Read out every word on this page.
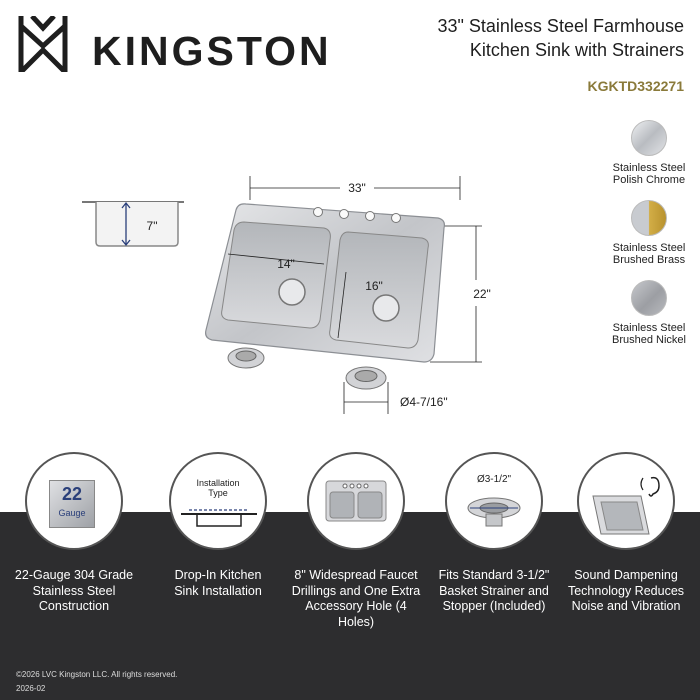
KINGSTON
33" Stainless Steel Farmhouse
Kitchen Sink with Strainers
KGKTD332271
Stainless Steel
Polish Chrome
Stainless Steel
Brushed Brass
Stainless Steel
Brushed Nickel
33"
7"
22"
14"
16"
Ø4-7/16"
22
Gauge
22-Gauge 304 Grade
Stainless Steel
Construction
Installation
Type
Drop-In Kitchen
Sink Installation
8" Widespread Faucet
Drillings and One Extra
Accessory Hole (4 Holes)
Ø3-1/2"
Fits Standard 3-1/2"
Basket Strainer and
Stopper (Included)
Sound Dampening
Technology Reduces
Noise and Vibration
©2026 LVC Kingston LLC. All rights reserved.
2026-02
